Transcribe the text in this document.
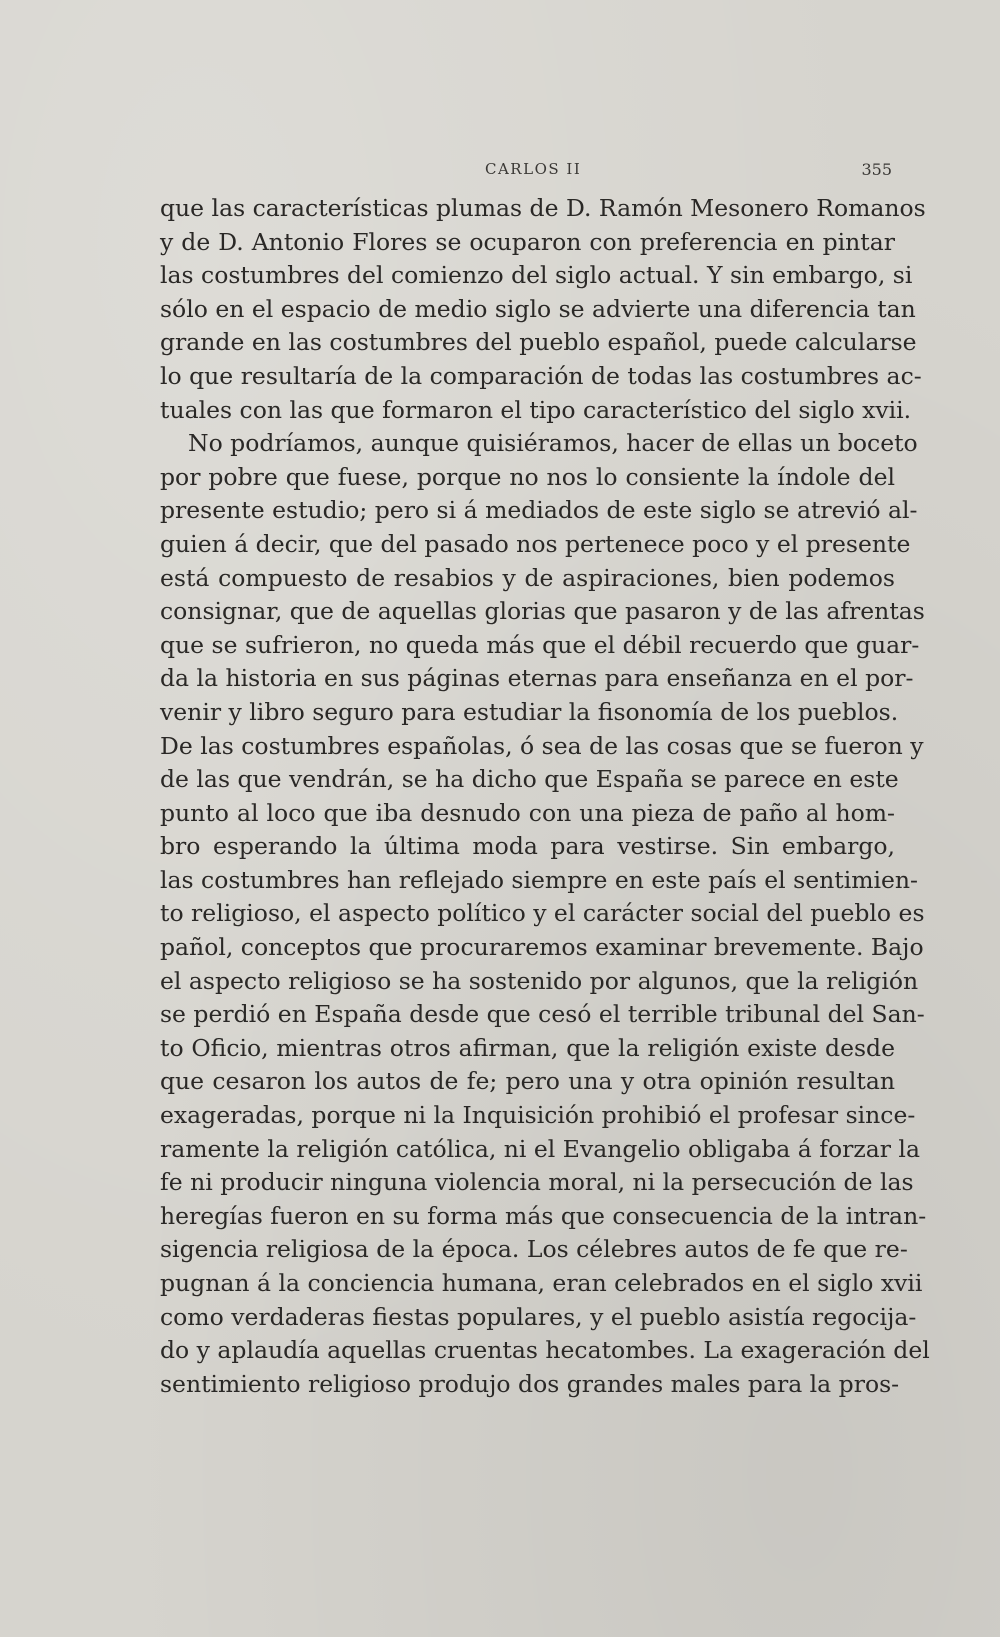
CARLOS II	355
que las características plumas de D. Ramón Mesonero Romanos
y de D. Antonio Flores se ocuparon con preferencia en pintar
las costumbres del comienzo del siglo actual. Y sin embargo, si
sólo en el espacio de medio siglo se advierte una diferencia tan
grande en las costumbres del pueblo español, puede calcularse
lo que resultaría de la comparación de todas las costumbres ac-
tuales con las que formaron el tipo característico del siglo xvii.
No podríamos, aunque quisiéramos, hacer de ellas un boceto
por pobre que fuese, porque no nos lo consiente la índole del
presente estudio; pero si á mediados de este siglo se atrevió al-
guien á decir, que del pasado nos pertenece poco y el presente
está compuesto de resabios y de aspiraciones, bien podemos
consignar, que de aquellas glorias que pasaron y de las afrentas
que se sufrieron, no queda más que el débil recuerdo que guar-
da la historia en sus páginas eternas para enseñanza en el por-
venir y libro seguro para estudiar la fisonomía de los pueblos.
De las costumbres españolas, ó sea de las cosas que se fueron y
de las que vendrán, se ha dicho que España se parece en este
punto al loco que iba desnudo con una pieza de paño al hom-
bro esperando la última moda para vestirse. Sin embargo,
las costumbres han reflejado siempre en este país el sentimien-
to religioso, el aspecto político y el carácter social del pueblo es
pañol, conceptos que procuraremos examinar brevemente. Bajo
el aspecto religioso se ha sostenido por algunos, que la religión
se perdió en España desde que cesó el terrible tribunal del San-
to Oficio, mientras otros afirman, que la religión existe desde
que cesaron los autos de fe; pero una y otra opinión resultan
exageradas, porque ni la Inquisición prohibió el profesar since-
ramente la religión católica, ni el Evangelio obligaba á forzar la
fe ni producir ninguna violencia moral, ni la persecución de las
heregías fueron en su forma más que consecuencia de la intran-
sigencia religiosa de la época. Los célebres autos de fe que re-
pugnan á la conciencia humana, eran celebrados en el siglo xvii
como verdaderas fiestas populares, y el pueblo asistía regocija-
do y aplaudía aquellas cruentas hecatombes. La exageración del
sentimiento religioso produjo dos grandes males para la pros-
